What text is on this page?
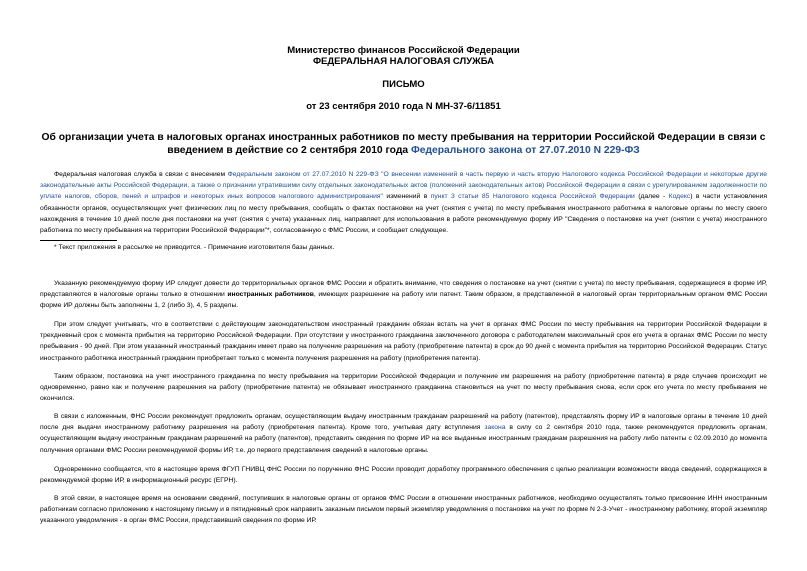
Министерство финансов Российской Федерации
ФЕДЕРАЛЬНАЯ НАЛОГОВАЯ СЛУЖБА
ПИСЬМО
от 23 сентября 2010 года N МН-37-6/11851
Об организации учета в налоговых органах иностранных работников по месту пребывания на территории Российской Федерации в связи с введением в действие со 2 сентября 2010 года Федерального закона от 27.07.2010 N 229-ФЗ
Федеральная налоговая служба в связи с внесением Федеральным законом от 27.07.2010 N 229-ФЗ "О внесении изменений в часть первую и часть вторую Налогового кодекса Российской Федерации и некоторые другие законодательные акты Российской Федерации, а также о признании утратившими силу отдельных законодательных актов (положений законодательных актов) Российской Федерации в связи с урегулированием задолженности по уплате налогов, сборов, пеней и штрафов и некоторых иных вопросов налогового администрирования" изменений в пункт 3 статьи 85 Налогового кодекса Российской Федерации (далее - Кодекс) в части установления обязанности органов, осуществляющих учет физических лиц по месту пребывания, сообщать о фактах постановки на учет (снятия с учета) по месту пребывания иностранного работника в налоговые органы по месту своего нахождения в течение 10 дней после дня постановки на учет (снятия с учета) указанных лиц, направляет для использования в работе рекомендуемую форму ИР "Сведения о постановке на учет (снятии с учета) иностранного работника по месту пребывания на территории Российской Федерации"*, согласованную с ФМС России, и сообщает следующее.
* Текст приложения в рассылке не приводится. - Примечание изготовителя базы данных.
Указанную рекомендуемую форму ИР следует довести до территориальных органов ФМС России и обратить внимание, что сведения о постановке на учет (снятии с учета) по месту пребывания, содержащиеся в форме ИР, представляются в налоговые органы только в отношении иностранных работников, имеющих разрешение на работу или патент. Таким образом, в представленной в налоговый орган территориальным органом ФМС России форме ИР должны быть заполнены 1, 2 (либо 3), 4, 5 разделы.
При этом следует учитывать, что в соответствии с действующим законодательством иностранный гражданин обязан встать на учет в органах ФМС России по месту пребывания на территории Российской Федерации в трехдневный срок с момента прибытия на территорию Российской Федерации. При отсутствии у иностранного гражданина заключенного договора с работодателем максимальный срок его учета в органах ФМС России по месту пребывания - 90 дней. При этом указанный иностранный гражданин имеет право на получение разрешения на работу (приобретение патента) в срок до 90 дней с момента прибытия на территорию Российской Федерации. Статус иностранного работника иностранный гражданин приобретает только с момента получения разрешения на работу (приобретения патента).
Таким образом, постановка на учет иностранного гражданина по месту пребывания на территории Российской Федерации и получение им разрешения на работу (приобретение патента) в ряде случаев происходит не одновременно, равно как и получение разрешения на работу (приобретение патента) не обязывает иностранного гражданина становиться на учет по месту пребывания снова, если срок его учета по месту пребывания не окончился.
В связи с изложенным, ФНС России рекомендует предложить органам, осуществляющим выдачу иностранным гражданам разрешений на работу (патентов), представлять форму ИР в налоговые органы в течение 10 дней после дня выдачи иностранному работнику разрешения на работу (приобретения патента). Кроме того, учитывая дату вступления закона в силу со 2 сентября 2010 года, также рекомендуется предложить органам, осуществляющим выдачу иностранным гражданам разрешений на работу (патентов), представить сведения по форме ИР на все выданные иностранным гражданам разрешения на работу либо патенты с 02.09.2010 до момента получения органами ФМС России рекомендуемой формы ИР, т.е. до первого представления сведений в налоговые органы.
Одновременно сообщается, что в настоящее время ФГУП ГНИВЦ ФНС России по поручению ФНС России проводит доработку программного обеспечения с целью реализации возможности ввода сведений, содержащихся в рекомендуемой форме ИР, в информационный ресурс (ЕГРН).
В этой связи, в настоящее время на основании сведений, поступивших в налоговые органы от органов ФМС России в отношении иностранных работников, необходимо осуществлять только присвоение ИНН иностранным работникам согласно приложению к настоящему письму и в пятидневный срок направить заказным письмом первый экземпляр уведомления о постановке на учет по форме N 2-3-Учет - иностранному работнику, второй экземпляр указанного уведомления - в орган ФМС России, представивший сведения по форме ИР.
